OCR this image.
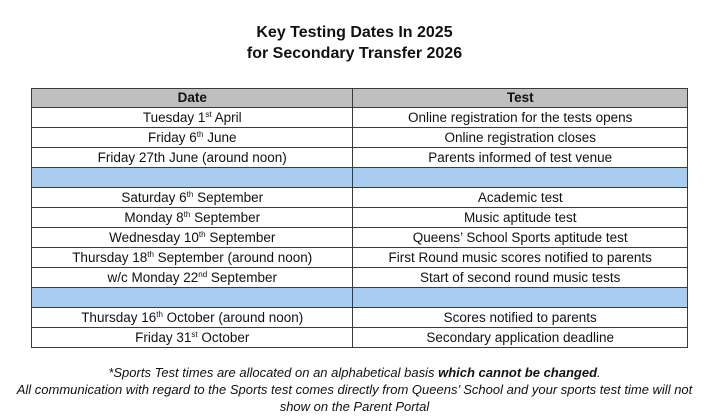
Key Testing Dates In 2025
for Secondary Transfer 2026
Date	Test
Tuesday 1st April	Online registration for the tests opens
Friday 6th June	Online registration closes
Friday 27th June (around noon)	Parents informed of test venue

Saturday 6th September	Academic test
Monday 8th September	Music aptitude test
Wednesday 10th September	Queens’ School Sports aptitude test
Thursday 18th September (around noon)	First Round music scores notified to parents
w/c Monday 22nd September	Start of second round music tests

Thursday 16th October (around noon)	Scores notified to parents
Friday 31st October	Secondary application deadline

*Sports Test times are allocated on an alphabetical basis which cannot be changed.

All communication with regard to the Sports test comes directly from Queens’ School and your sports test time will not show on the Parent Portal
